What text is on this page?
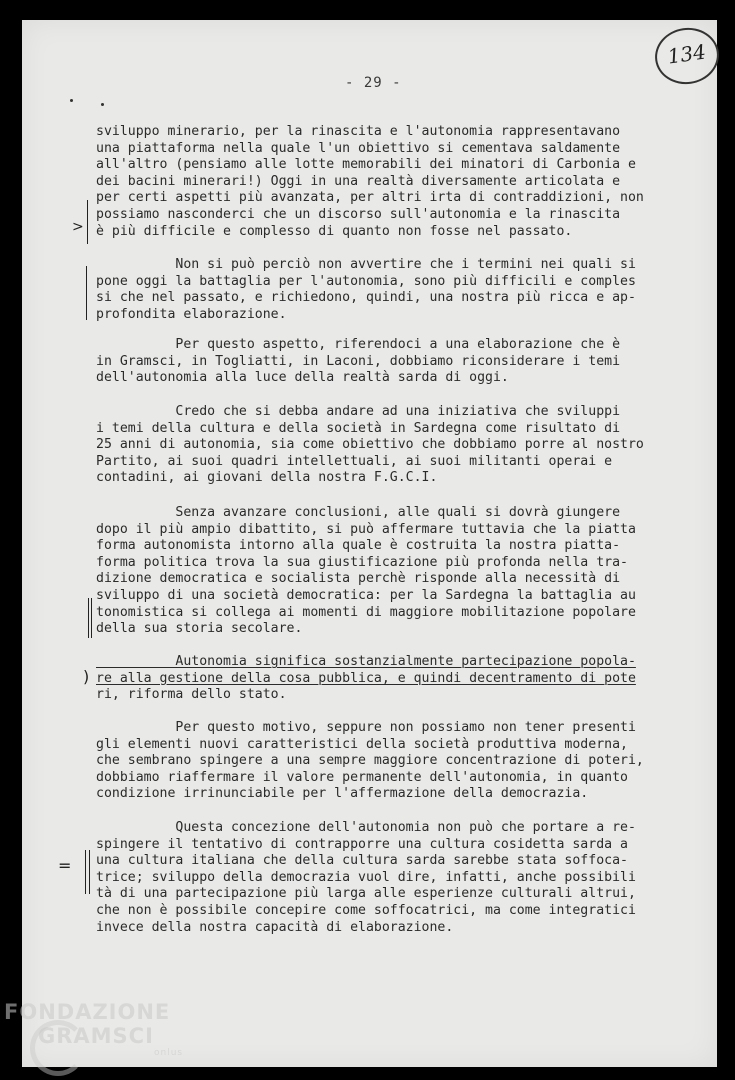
- 29 -
134
sviluppo minerario, per la rinascita e l'autonomia rappresentavano
una piattaforma nella quale l'un obiettivo si cementava saldamente
all'altro (pensiamo alle lotte memorabili dei minatori di Carbonia e
dei bacini minerari!) Oggi in una realtà diversamente articolata e
per certi aspetti più avanzata, per altri irta di contraddizioni, non
possiamo nasconderci che un discorso sull'autonomia e la rinascita
è più difficile e complesso di quanto non fosse nel passato.
Non si può perciò non avvertire che i termini nei quali si
pone oggi la battaglia per l'autonomia, sono più difficili e comples
si che nel passato, e richiedono, quindi, una nostra più ricca e ap-
profondita elaborazione.
Per questo aspetto, riferendoci a una elaborazione che è
in Gramsci, in Togliatti, in Laconi, dobbiamo riconsiderare i temi
dell'autonomia alla luce della realtà sarda di oggi.
Credo che si debba andare ad una iniziativa che sviluppi
i temi della cultura e della società in Sardegna come risultato di
25 anni di autonomia, sia come obiettivo che dobbiamo porre al nostro
Partito, ai suoi quadri intellettuali, ai suoi militanti operai e
contadini, ai giovani della nostra F.G.C.I.
Senza avanzare conclusioni, alle quali si dovrà giungere
dopo il più ampio dibattito, si può affermare tuttavia che la piatta
forma autonomista intorno alla quale è costruita la nostra piatta-
forma politica trova la sua giustificazione più profonda nella tra-
dizione democratica e socialista perchè risponde alla necessità di
sviluppo di una società democratica: per la Sardegna la battaglia au
tonomistica si collega ai momenti di maggiore mobilitazione popolare
della sua storia secolare.
Autonomia significa sostanzialmente partecipazione popola-
re alla gestione della cosa pubblica, e quindi decentramento di pote
ri, riforma dello stato.
Per questo motivo, seppure non possiamo non tener presenti
gli elementi nuovi caratteristici della società produttiva moderna,
che sembrano spingere a una sempre maggiore concentrazione di poteri,
dobbiamo riaffermare il valore permanente dell'autonomia, in quanto
condizione irrinunciabile per l'affermazione della democrazia.
Questa concezione dell'autonomia non può che portare a re-
spingere il tentativo di contrapporre una cultura cosidetta sarda a
una cultura italiana che della cultura sarda sarebbe stata soffoca-
trice; sviluppo della democrazia vuol dire, infatti, anche possibili
tà di una partecipazione più larga alle esperienze culturali altrui,
che non è possibile concepire come soffocatrici, ma come integratici
invece della nostra capacità di elaborazione.
>
)
=
FONDAZIONE
GRAMSCI
onlus
